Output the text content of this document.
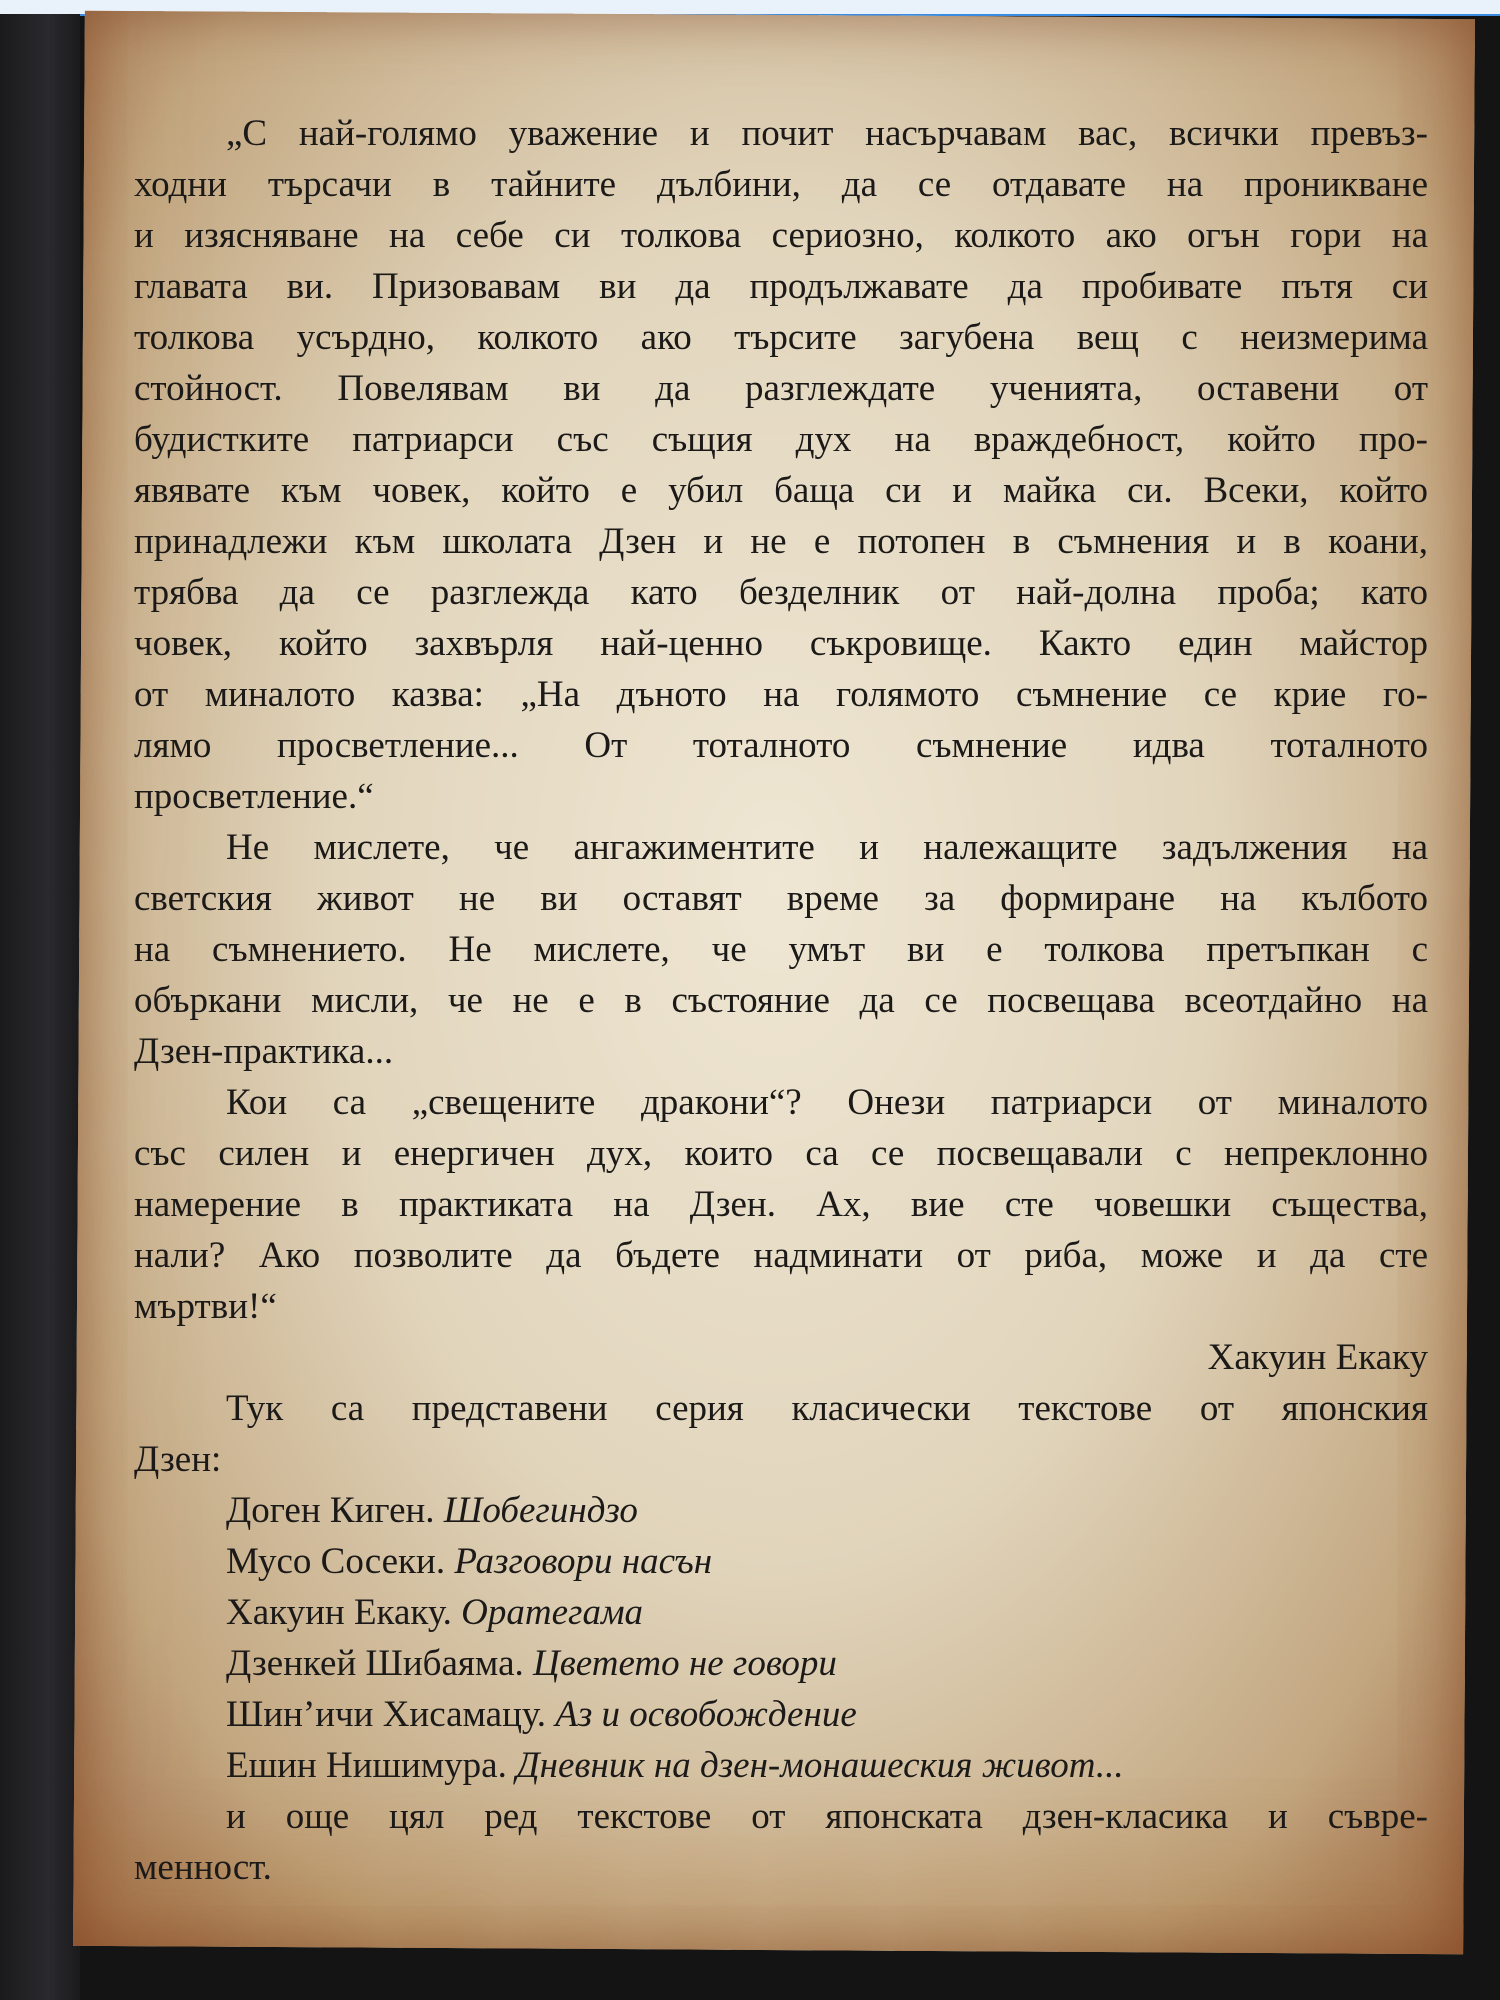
„С най-голямо уважение и почит насърчавам вас, всички превъз-
ходни търсачи в тайните дълбини, да се отдавате на проникване
и изясняване на себе си толкова сериозно, колкото ако огън гори на
главата ви. Призовавам ви да продължавате да пробивате пътя си
толкова усърдно, колкото ако търсите загубена вещ с неизмерима
стойност. Повелявам ви да разглеждате ученията, оставени от
будистките патриарси със същия дух на враждебност, който про-
явявате към човек, който е убил баща си и майка си. Всеки, който
принадлежи към школата Дзен и не е потопен в съмнения и в коани,
трябва да се разглежда като безделник от най-долна проба; като
човек, който захвърля най-ценно съкровище. Както един майстор
от миналото казва: „На дъното на голямото съмнение се крие го-
лямо просветление... От тоталното съмнение идва тоталното
просветление.“
Не мислете, че ангажиментите и належащите задължения на
светския живот не ви оставят време за формиране на кълбото
на съмнението. Не мислете, че умът ви е толкова претъпкан с
объркани мисли, че не е в състояние да се посвещава всеотдайно на
Дзен-практика...
Кои са „свещените дракони“? Онези патриарси от миналото
със силен и енергичен дух, които са се посвещавали с непреклонно
намерение в практиката на Дзен. Ах, вие сте човешки същества,
нали? Ако позволите да бъдете надминати от риба, може и да сте
мъртви!“
Хакуин Екаку
Тук са представени серия класически текстове от японския
Дзен:
Доген Киген. Шобегиндзо
Мусо Сосеки. Разговори насън
Хакуин Екаку. Оратегама
Дзенкей Шибаяма. Цветето не говори
Шин’ичи Хисамацу. Аз и освобождение
Ешин Нишимура. Дневник на дзен-монашеския живот...
и още цял ред текстове от японската дзен-класика и съвре-
менност.
